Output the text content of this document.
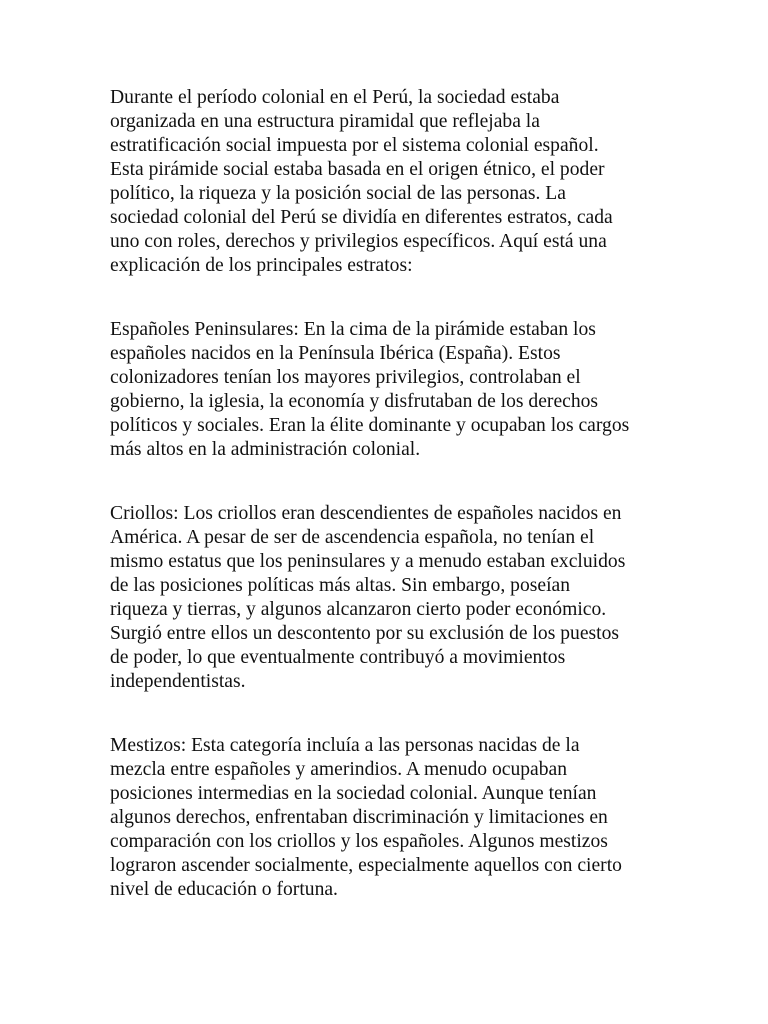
Durante el período colonial en el Perú, la sociedad estaba
organizada en una estructura piramidal que reflejaba la
estratificación social impuesta por el sistema colonial español.
Esta pirámide social estaba basada en el origen étnico, el poder
político, la riqueza y la posición social de las personas. La
sociedad colonial del Perú se dividía en diferentes estratos, cada
uno con roles, derechos y privilegios específicos. Aquí está una
explicación de los principales estratos:

Españoles Peninsulares: En la cima de la pirámide estaban los
españoles nacidos en la Península Ibérica (España). Estos
colonizadores tenían los mayores privilegios, controlaban el
gobierno, la iglesia, la economía y disfrutaban de los derechos
políticos y sociales. Eran la élite dominante y ocupaban los cargos
más altos en la administración colonial.

Criollos: Los criollos eran descendientes de españoles nacidos en
América. A pesar de ser de ascendencia española, no tenían el
mismo estatus que los peninsulares y a menudo estaban excluidos
de las posiciones políticas más altas. Sin embargo, poseían
riqueza y tierras, y algunos alcanzaron cierto poder económico.
Surgió entre ellos un descontento por su exclusión de los puestos
de poder, lo que eventualmente contribuyó a movimientos
independentistas.

Mestizos: Esta categoría incluía a las personas nacidas de la
mezcla entre españoles y amerindios. A menudo ocupaban
posiciones intermedias en la sociedad colonial. Aunque tenían
algunos derechos, enfrentaban discriminación y limitaciones en
comparación con los criollos y los españoles. Algunos mestizos
lograron ascender socialmente, especialmente aquellos con cierto
nivel de educación o fortuna.
